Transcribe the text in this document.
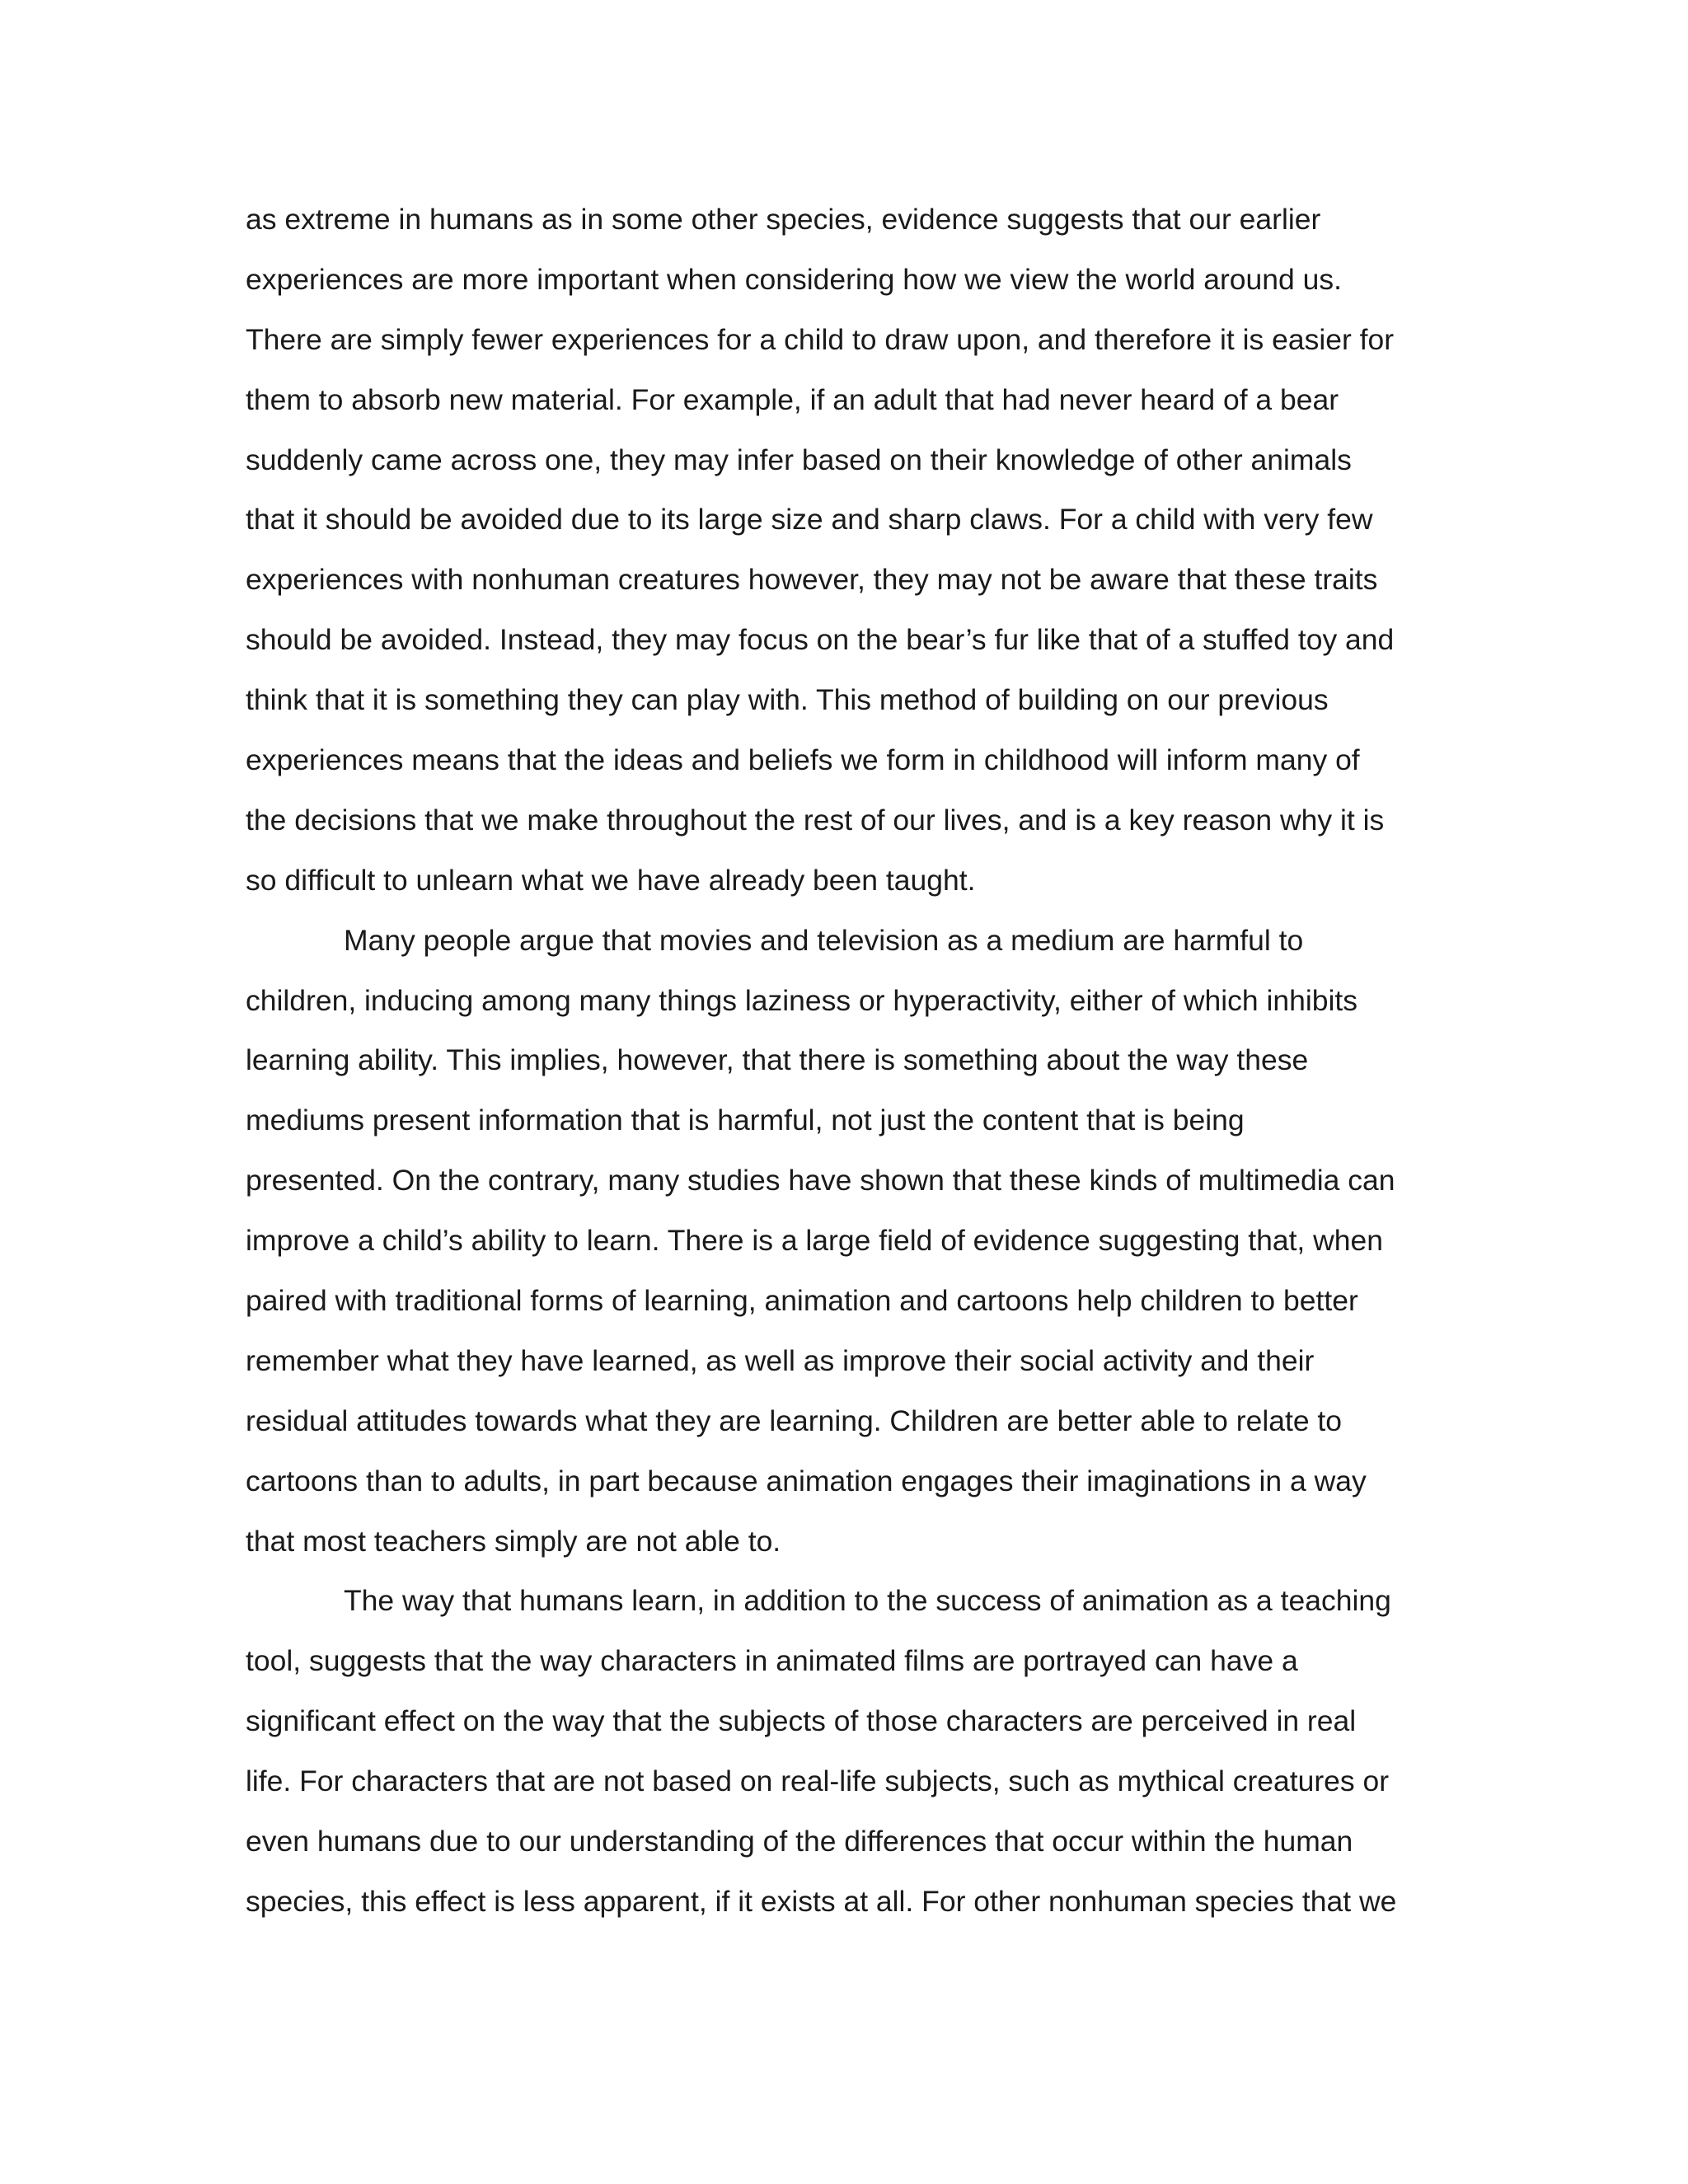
as extreme in humans as in some other species, evidence suggests that our earlier
experiences are more important when considering how we view the world around us.
There are simply fewer experiences for a child to draw upon, and therefore it is easier for
them to absorb new material. For example, if an adult that had never heard of a bear
suddenly came across one, they may infer based on their knowledge of other animals
that it should be avoided due to its large size and sharp claws. For a child with very few
experiences with nonhuman creatures however, they may not be aware that these traits
should be avoided. Instead, they may focus on the bear’s fur like that of a stuffed toy and
think that it is something they can play with. This method of building on our previous
experiences means that the ideas and beliefs we form in childhood will inform many of
the decisions that we make throughout the rest of our lives, and is a key reason why it is
so difficult to unlearn what we have already been taught.
Many people argue that movies and television as a medium are harmful to
children, inducing among many things laziness or hyperactivity, either of which inhibits
learning ability. This implies, however, that there is something about the way these
mediums present information that is harmful, not just the content that is being
presented. On the contrary, many studies have shown that these kinds of multimedia can
improve a child’s ability to learn. There is a large field of evidence suggesting that, when
paired with traditional forms of learning, animation and cartoons help children to better
remember what they have learned, as well as improve their social activity and their
residual attitudes towards what they are learning. Children are better able to relate to
cartoons than to adults, in part because animation engages their imaginations in a way
that most teachers simply are not able to.
The way that humans learn, in addition to the success of animation as a teaching
tool, suggests that the way characters in animated films are portrayed can have a
significant effect on the way that the subjects of those characters are perceived in real
life. For characters that are not based on real-life subjects, such as mythical creatures or
even humans due to our understanding of the differences that occur within the human
species, this effect is less apparent, if it exists at all. For other nonhuman species that we
